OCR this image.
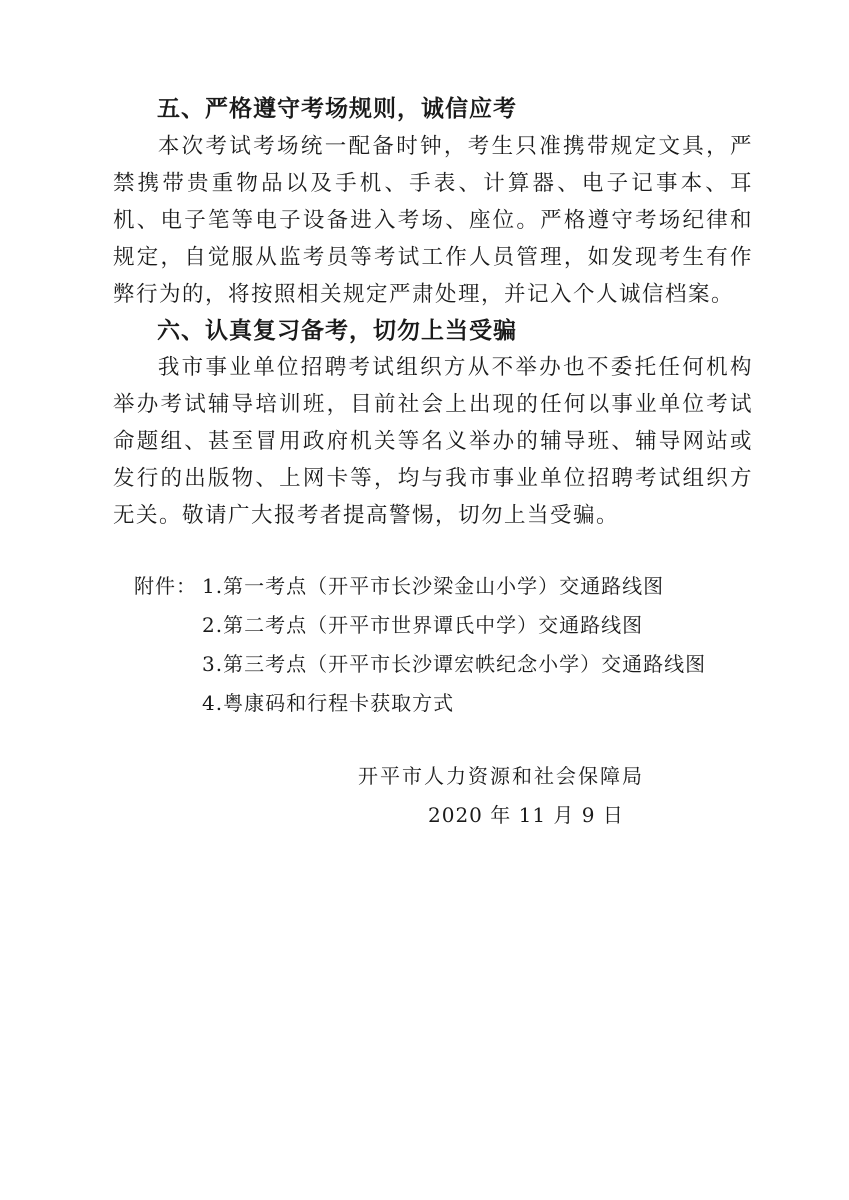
五、严格遵守考场规则，诚信应考

本次考试考场统一配备时钟，考生只准携带规定文具，严禁携带贵重物品以及手机、手表、计算器、电子记事本、耳机、电子笔等电子设备进入考场、座位。严格遵守考场纪律和规定，自觉服从监考员等考试工作人员管理，如发现考生有作弊行为的，将按照相关规定严肃处理，并记入个人诚信档案。

六、认真复习备考，切勿上当受骗

我市事业单位招聘考试组织方从不举办也不委托任何机构举办考试辅导培训班，目前社会上出现的任何以事业单位考试命题组、甚至冒用政府机关等名义举办的辅导班、辅导网站或发行的出版物、上网卡等，均与我市事业单位招聘考试组织方无关。敬请广大报考者提高警惕，切勿上当受骗。

附件： 1.第一考点（开平市长沙梁金山小学）交通路线图
2.第二考点（开平市世界谭氏中学）交通路线图
3.第三考点（开平市长沙谭宏帙纪念小学）交通路线图
4.粤康码和行程卡获取方式
开平市人力资源和社会保障局
2020 年 11 月 9 日
